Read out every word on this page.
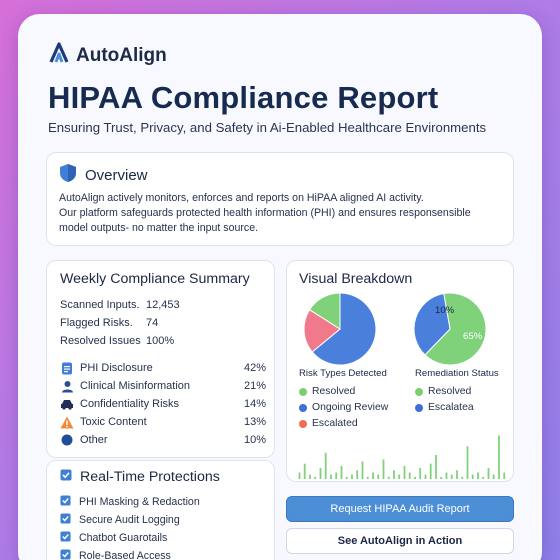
AutoAlign
HIPAA Compliance Report
Ensuring Trust, Privacy, and Safety in Ai-Enabled Healthcare Environments
Overview
AutoAlign actively monitors, enforces and reports on HiPAA aligned AI activity.
Our platform safeguards protected health information (PHI) and ensures responsensible
model outputs- no matter the input source.
Weekly Compliance Summary
Scanned Inputs. 12,453
Flagged Risks.	74
Resolved Issues 100%
PHI Disclosure	42%
Clinical Misinformation	21%
Confidentiality Risks	14%
Toxic Content	13%
Other	10%
Visual Breakdown
10%
65%
Risk Types Detected	Remediation Status
Resolved
Ongoing Review
Escalated
Resolved
Escalatea
Real-Time Protections
PHI Masking & Redaction
Secure Audit Logging
Chatbot Guarotails
Role-Based Access
Request HIPAA Audit Report
See AutoAlign in Action
